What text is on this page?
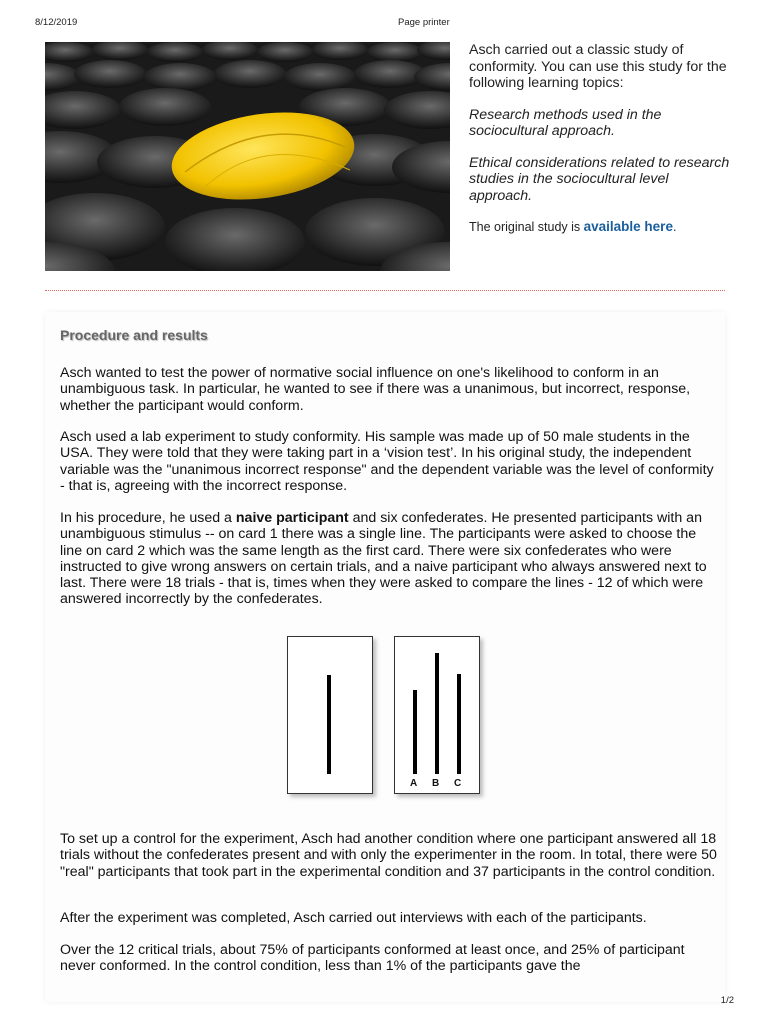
8/12/2019	Page printer

Asch carried out a classic study of conformity. You can use this study for the following learning topics:

Research methods used in the sociocultural approach.

Ethical considerations related to research studies in the sociocultural level approach.

The original study is available here.

Procedure and results
Asch wanted to test the power of normative social influence on one's likelihood to conform in an unambiguous task. In particular, he wanted to see if there was a unanimous, but incorrect, response, whether the participant would conform.
Asch used a lab experiment to study conformity. His sample was made up of 50 male students in the USA. They were told that they were taking part in a ‘vision test’. In his original study, the independent variable was the "unanimous incorrect response" and the dependent variable was the level of conformity - that is, agreeing with the incorrect response.
In his procedure, he used a naive participant and six confederates. He presented participants with an unambiguous stimulus -- on card 1 there was a single line. The participants were asked to choose the line on card 2 which was the same length as the first card. There were six confederates who were instructed to give wrong answers on certain trials, and a naive participant who always answered next to last. There were 18 trials - that is, times when they were asked to compare the lines - 12 of which were answered incorrectly by the confederates.
A B C
To set up a control for the experiment, Asch had another condition where one participant answered all 18 trials without the confederates present and with only the experimenter in the room. In total, there were 50 "real" participants that took part in the experimental condition and 37 participants in the control condition.
After the experiment was completed, Asch carried out interviews with each of the participants.
Over the 12 critical trials, about 75% of participants conformed at least once, and 25% of participant never conformed. In the control condition, less than 1% of the participants gave the
1/2
